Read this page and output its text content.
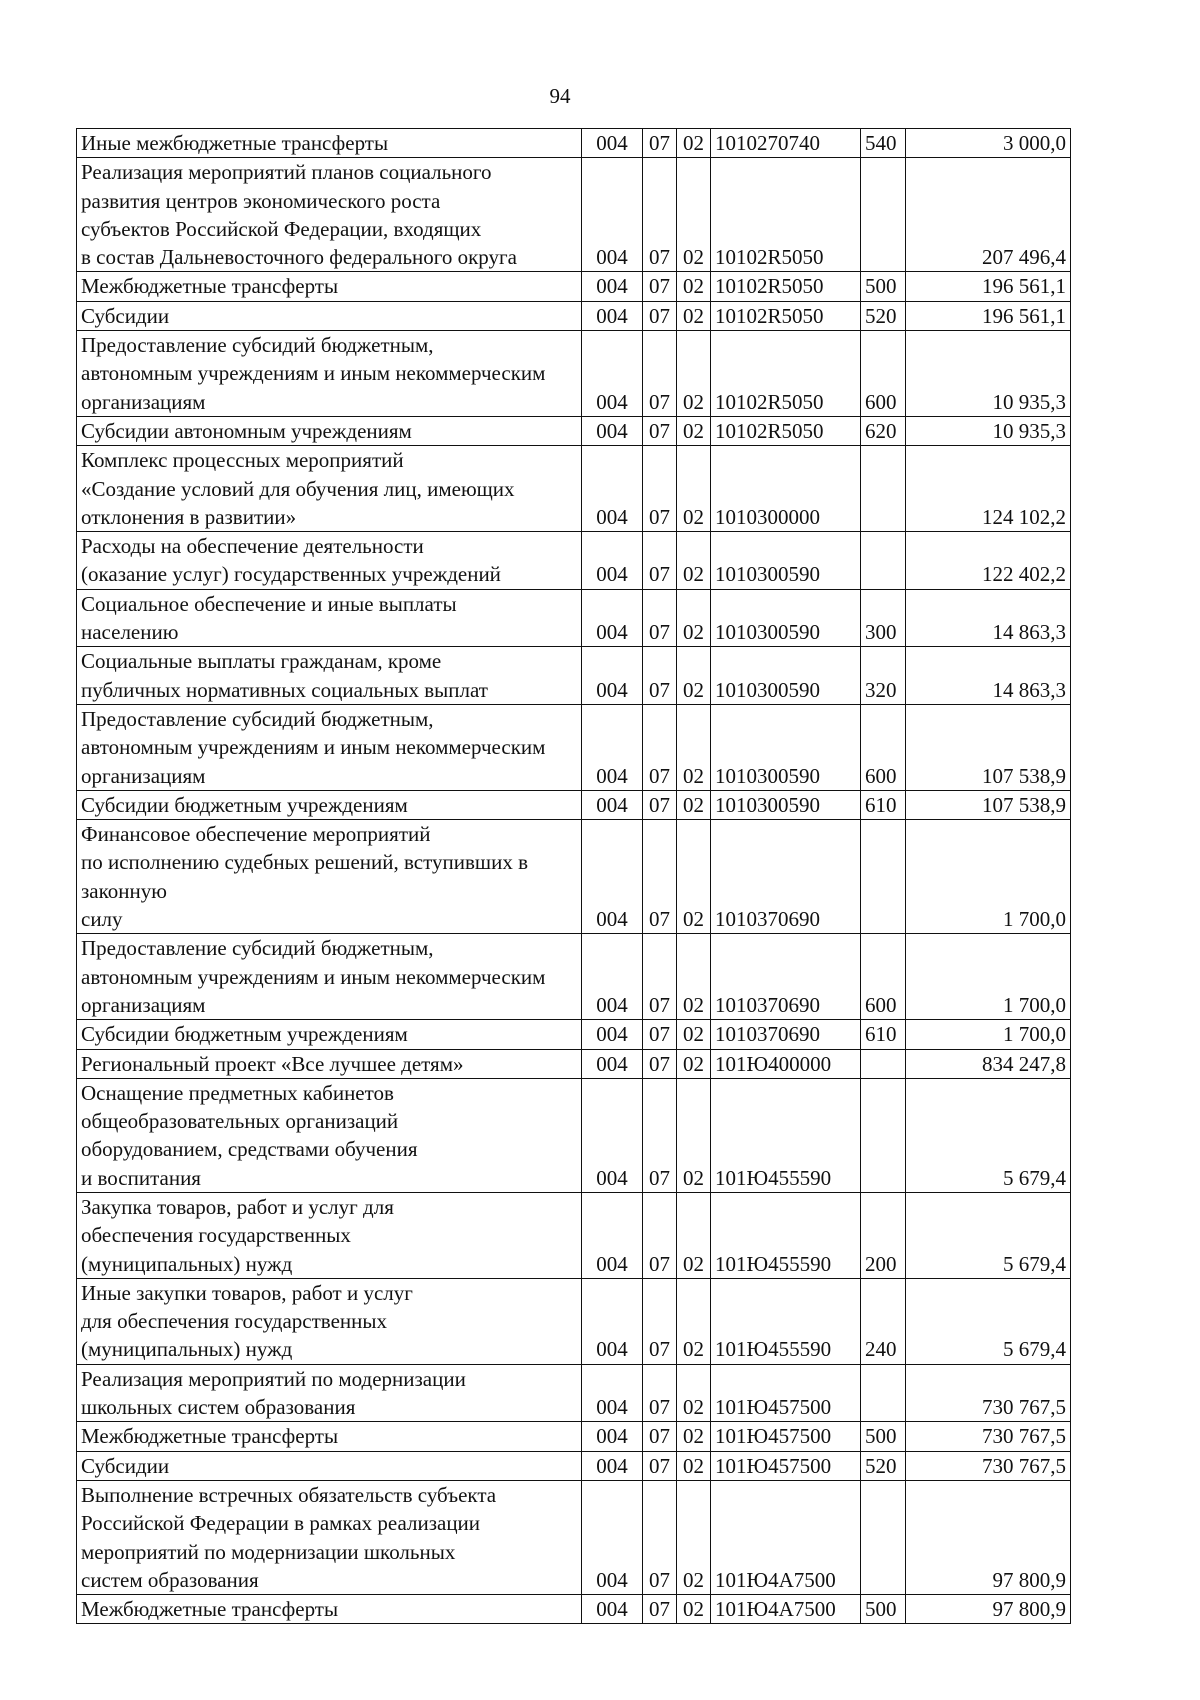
94
Иные межбюджетные трансферты	004	07	02	1010270740	540	3 000,0

Реализация мероприятий планов социального
развития центров экономического роста
субъектов Российской Федерации, входящих
в состав Дальневосточного федерального округа	004	07	02	10102R5050		207 496,4

Межбюджетные трансферты	004	07	02	10102R5050	500	196 561,1

Субсидии	004	07	02	10102R5050	520	196 561,1

Предоставление субсидий бюджетным,
автономным учреждениям и иным некоммерческим
организациям	004	07	02	10102R5050	600	10 935,3

Субсидии автономным учреждениям	004	07	02	10102R5050	620	10 935,3

Комплекс процессных мероприятий
«Создание условий для обучения лиц, имеющих
отклонения в развитии»	004	07	02	1010300000		124 102,2

Расходы на обеспечение деятельности
(оказание услуг) государственных учреждений	004	07	02	1010300590		122 402,2

Социальное обеспечение и иные выплаты
населению	004	07	02	1010300590	300	14 863,3

Социальные выплаты гражданам, кроме
публичных нормативных социальных выплат	004	07	02	1010300590	320	14 863,3

Предоставление субсидий бюджетным,
автономным учреждениям и иным некоммерческим
организациям	004	07	02	1010300590	600	107 538,9

Субсидии бюджетным учреждениям	004	07	02	1010300590	610	107 538,9

Финансовое обеспечение мероприятий
по исполнению судебных решений, вступивших в законную
силу	004	07	02	1010370690		1 700,0

Предоставление субсидий бюджетным,
автономным учреждениям и иным некоммерческим
организациям	004	07	02	1010370690	600	1 700,0

Субсидии бюджетным учреждениям	004	07	02	1010370690	610	1 700,0

Региональный проект «Все лучшее детям»	004	07	02	101Ю400000		834 247,8

Оснащение предметных кабинетов
общеобразовательных организаций
оборудованием, средствами обучения
и воспитания	004	07	02	101Ю455590		5 679,4

Закупка товаров, работ и услуг для
обеспечения государственных
(муниципальных) нужд	004	07	02	101Ю455590	200	5 679,4

Иные закупки товаров, работ и услуг
для обеспечения государственных
(муниципальных) нужд	004	07	02	101Ю455590	240	5 679,4

Реализация мероприятий по модернизации
школьных систем образования	004	07	02	101Ю457500		730 767,5

Межбюджетные трансферты	004	07	02	101Ю457500	500	730 767,5

Субсидии	004	07	02	101Ю457500	520	730 767,5

Выполнение встречных обязательств субъекта
Российской Федерации в рамках реализации
мероприятий по модернизации школьных
систем образования	004	07	02	101Ю4А7500		97 800,9

Межбюджетные трансферты	004	07	02	101Ю4А7500	500	97 800,9
